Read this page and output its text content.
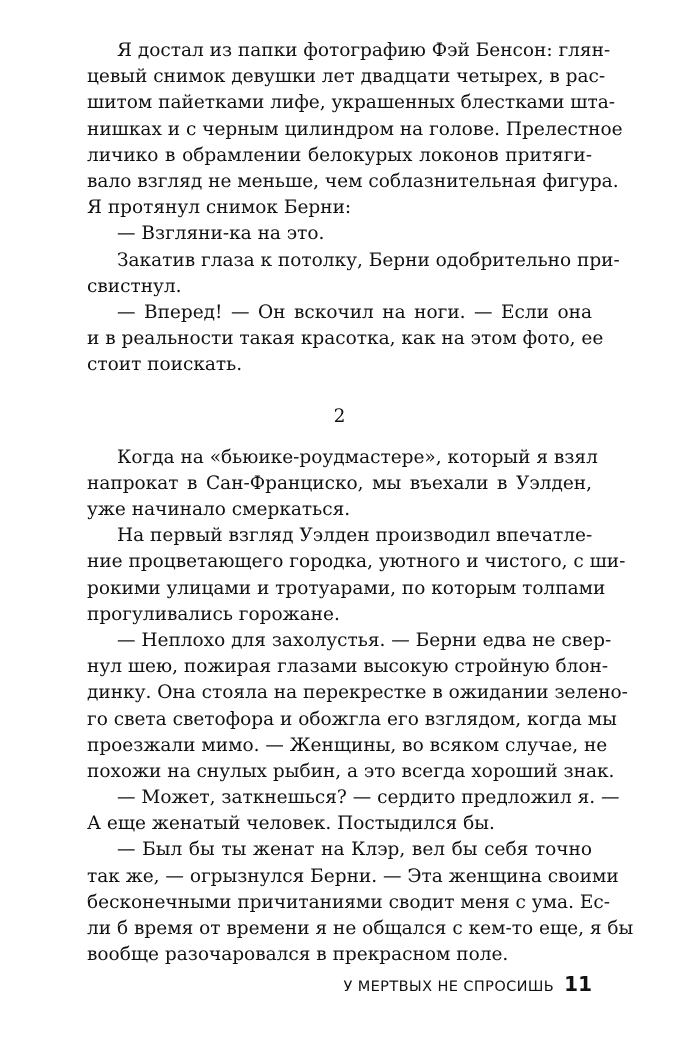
Я достал из папки фотографию Фэй Бенсон: глян-
цевый снимок девушки лет двадцати четырех, в рас-
шитом пайетками лифе, украшенных блестками шта-
нишках и с черным цилиндром на голове. Прелестное
личико в обрамлении белокурых локонов притяги-
вало взгляд не меньше, чем соблазнительная фигура.
Я протянул снимок Берни:
— Взгляни-ка на это.
Закатив глаза к потолку, Берни одобрительно при-
свистнул.
— Вперед! — Он вскочил на ноги. — Если она
и в реальности такая красотка, как на этом фото, ее
стоит поискать.
2
Когда на «бьюике-роудмастере», который я взял
напрокат в Сан-Франциско, мы въехали в Уэлден,
уже начинало смеркаться.
На первый взгляд Уэлден производил впечатле-
ние процветающего городка, уютного и чистого, с ши-
рокими улицами и тротуарами, по которым толпами
прогуливались горожане.
— Неплохо для захолустья. — Берни едва не свер-
нул шею, пожирая глазами высокую стройную блон-
динку. Она стояла на перекрестке в ожидании зелено-
го света светофора и обожгла его взглядом, когда мы
проезжали мимо. — Женщины, во всяком случае, не
похожи на снулых рыбин, а это всегда хороший знак.
— Может, заткнешься? — сердито предложил я. —
А еще женатый человек. Постыдился бы.
— Был бы ты женат на Клэр, вел бы себя точно
так же, — огрызнулся Берни. — Эта женщина своими
бесконечными причитаниями сводит меня с ума. Ес-
ли б время от времени я не общался с кем-то еще, я бы
вообще разочаровался в прекрасном поле.
У МЕРТВЫХ НЕ СПРОСИШЬ 11
